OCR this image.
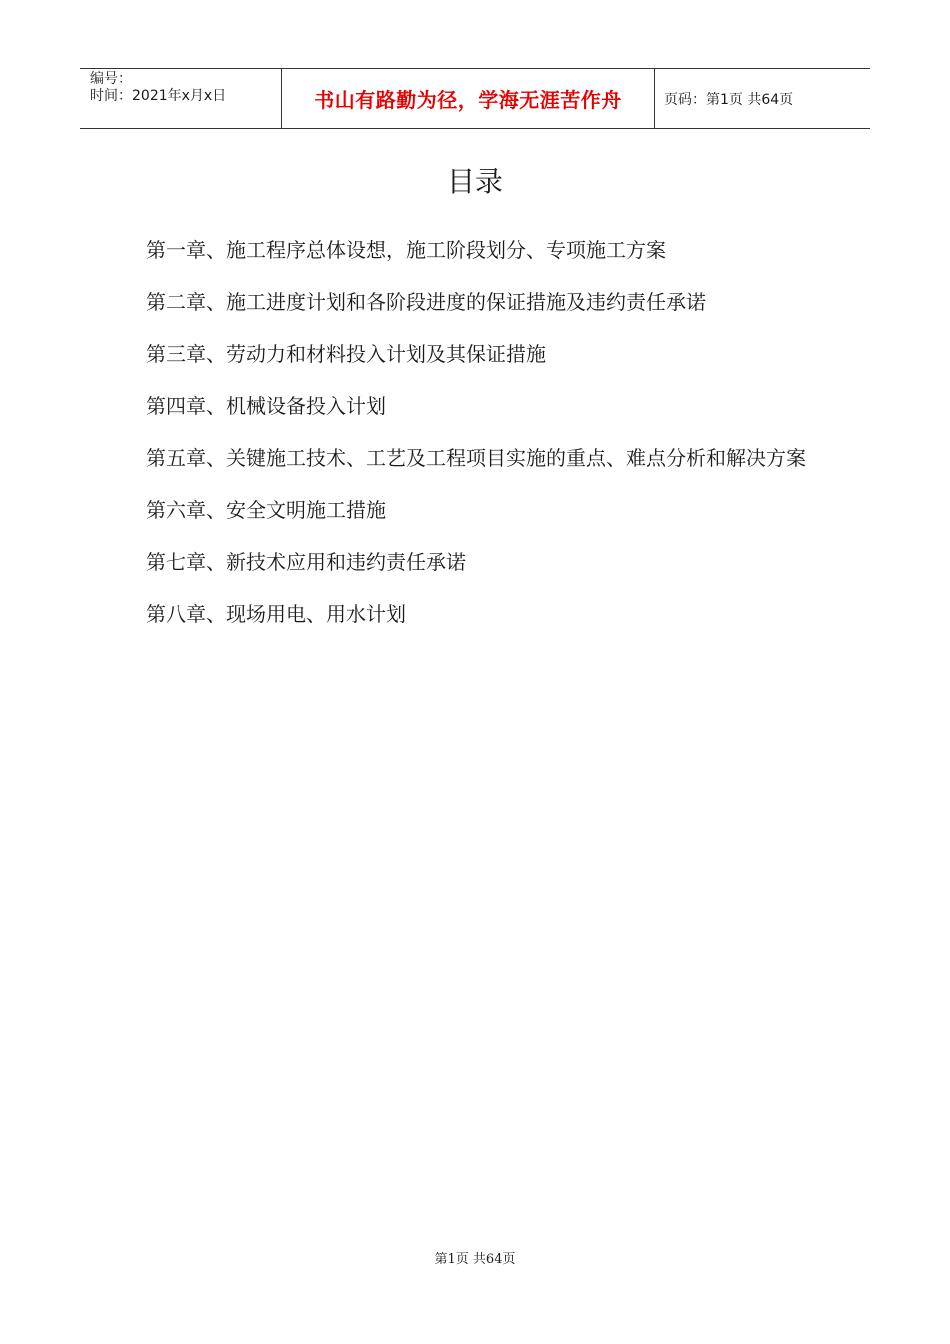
编号：
时间：2021年x月x日	书山有路勤为径，学海无涯苦作舟	页码：第1页 共64页
目录
第一章、施工程序总体设想，施工阶段划分、专项施工方案
第二章、施工进度计划和各阶段进度的保证措施及违约责任承诺
第三章、劳动力和材料投入计划及其保证措施
第四章、机械设备投入计划
第五章、关键施工技术、工艺及工程项目实施的重点、难点分析和解决方案
第六章、安全文明施工措施
第七章、新技术应用和违约责任承诺
第八章、现场用电、用水计划
第1页 共64页
